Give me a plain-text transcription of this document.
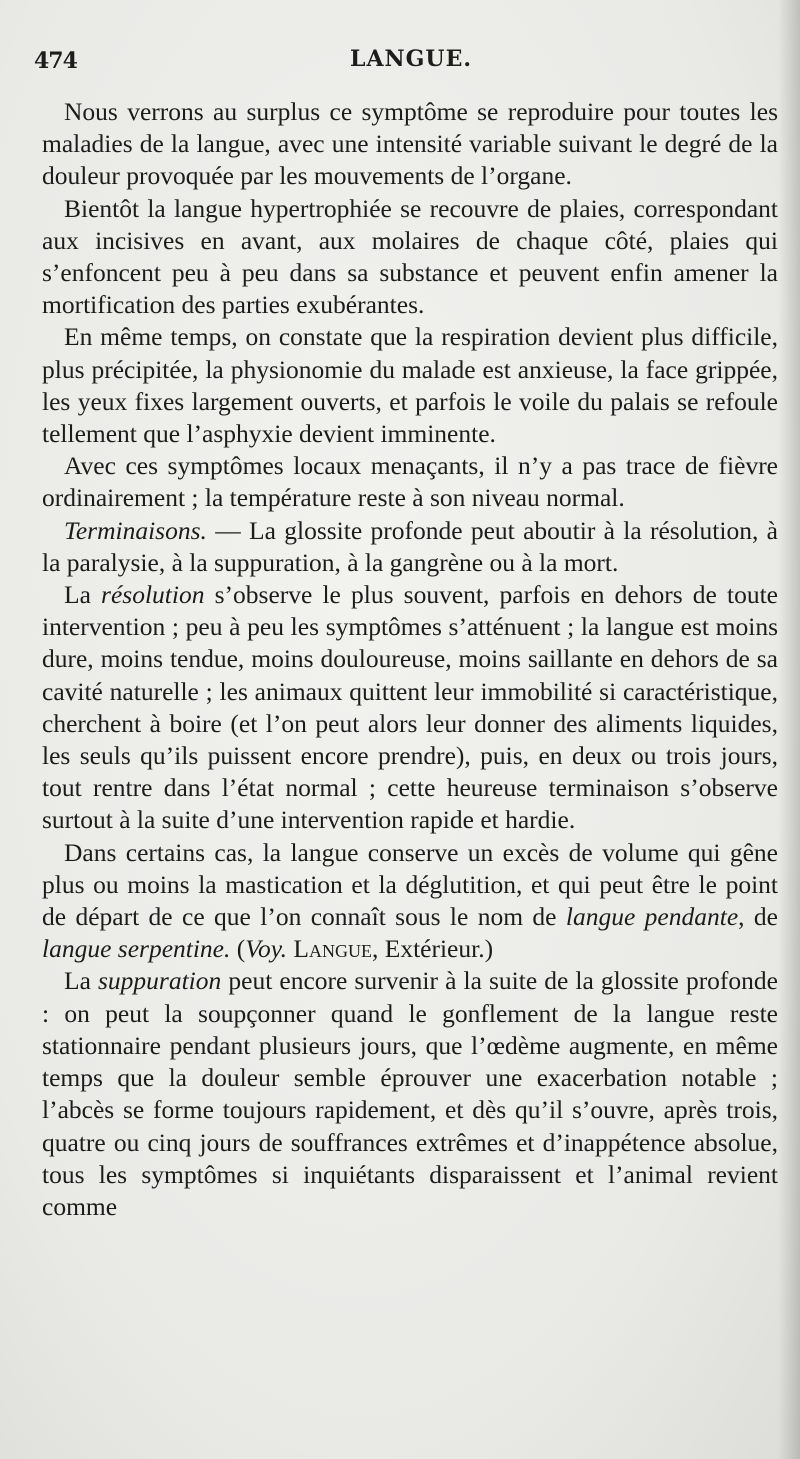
474	LANGUE.

Nous verrons au surplus ce symptôme se reproduire pour toutes les maladies de la langue, avec une intensité variable suivant le degré de la douleur provoquée par les mouvements de l’organe.

Bientôt la langue hypertrophiée se recouvre de plaies, correspondant aux incisives en avant, aux molaires de chaque côté, plaies qui s’enfoncent peu à peu dans sa substance et peuvent enfin amener la mortification des parties exubérantes.

En même temps, on constate que la respiration devient plus difficile, plus précipitée, la physionomie du malade est anxieuse, la face grippée, les yeux fixes largement ouverts, et parfois le voile du palais se refoule tellement que l’asphyxie devient imminente.

Avec ces symptômes locaux menaçants, il n’y a pas trace de fièvre ordinairement ; la température reste à son niveau normal.

Terminaisons. — La glossite profonde peut aboutir à la résolution, à la paralysie, à la suppuration, à la gangrène ou à la mort.

La résolution s’observe le plus souvent, parfois en dehors de toute intervention ; peu à peu les symptômes s’atténuent ; la langue est moins dure, moins tendue, moins douloureuse, moins saillante en dehors de sa cavité naturelle ; les animaux quittent leur immobilité si caractéristique, cherchent à boire (et l’on peut alors leur donner des aliments liquides, les seuls qu’ils puissent encore prendre), puis, en deux ou trois jours, tout rentre dans l’état normal ; cette heureuse terminaison s’observe surtout à la suite d’une intervention rapide et hardie.

Dans certains cas, la langue conserve un excès de volume qui gêne plus ou moins la mastication et la déglutition, et qui peut être le point de départ de ce que l’on connaît sous le nom de langue pendante, de langue serpentine. (Voy. Langue, Extérieur.)

La suppuration peut encore survenir à la suite de la glossite profonde : on peut la soupçonner quand le gonflement de la langue reste stationnaire pendant plusieurs jours, que l’œdème augmente, en même temps que la douleur semble éprouver une exacerbation notable ; l’abcès se forme toujours rapidement, et dès qu’il s’ouvre, après trois, quatre ou cinq jours de souffrances extrêmes et d’inappétence absolue, tous les symptômes si inquiétants disparaissent et l’animal revient comme
